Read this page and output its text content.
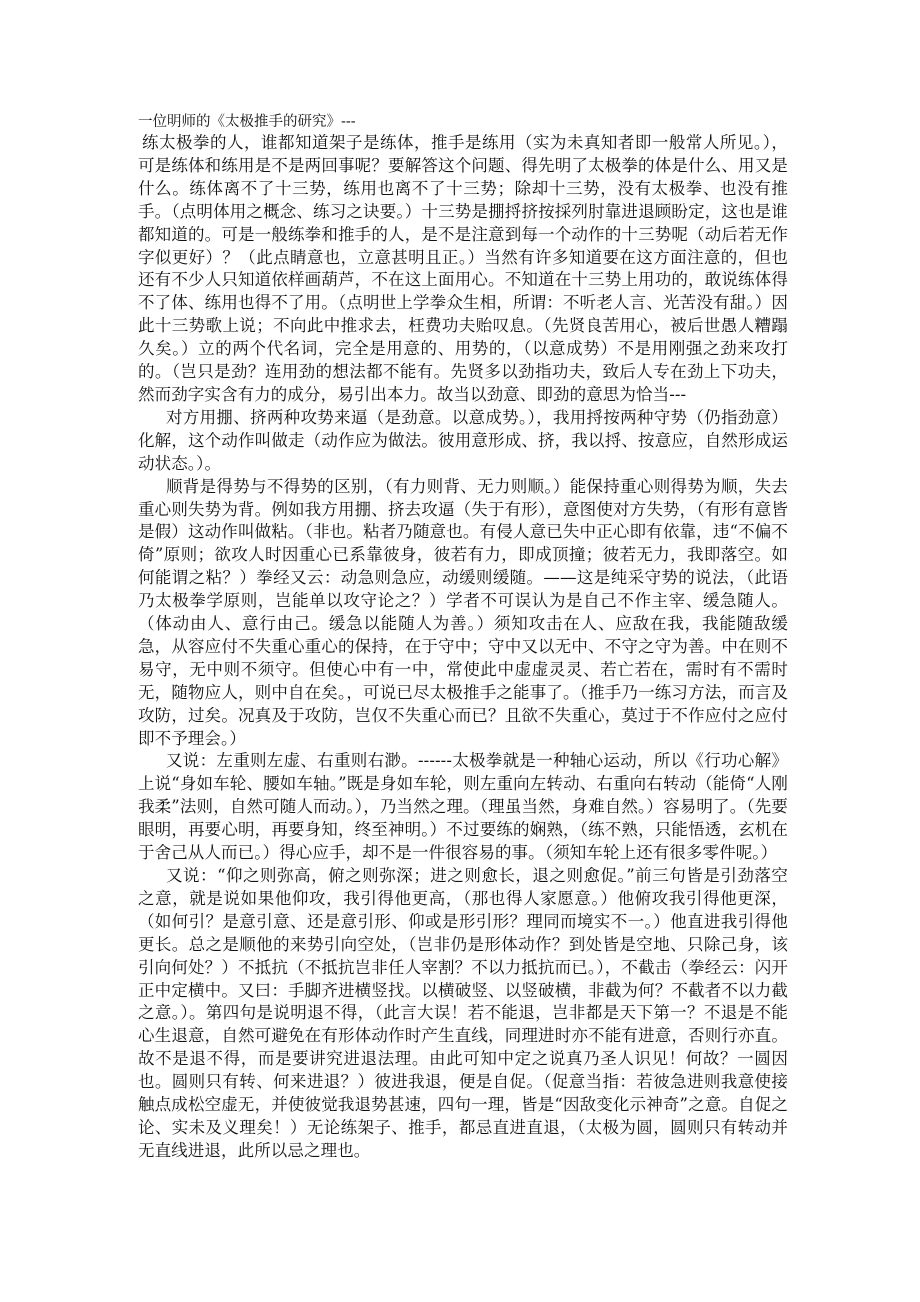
一位明师的《太极推手的研究》---

练太极拳的人，谁都知道架子是练体，推手是练用（实为未真知者即一般常人所见。），可是练体和练用是不是两回事呢？要解答这个问题、得先明了太极拳的体是什么、用又是什么。练体离不了十三势，练用也离不了十三势；除却十三势，没有太极拳、也没有推手。（点明体用之概念、练习之诀要。）十三势是掤捋挤按採列肘靠进退顾盼定，这也是谁都知道的。可是一般练拳和推手的人，是不是注意到每一个动作的十三势呢（动后若无作字似更好）？（此点睛意也，立意甚明且正。）当然有许多知道要在这方面注意的，但也还有不少人只知道依样画葫芦，不在这上面用心。不知道在十三势上用功的，敢说练体得不了体、练用也得不了用。（点明世上学拳众生相，所谓：不听老人言、光苦没有甜。）因此十三势歌上说；不向此中推求去，枉费功夫贻叹息。（先贤良苦用心，被后世愚人糟蹋久矣。）立的两个代名词，完全是用意的、用势的，（以意成势）不是用刚强之劲来攻打的。（岂只是劲？连用劲的想法都不能有。先贤多以劲指功夫，致后人专在劲上下功夫，然而劲字实含有力的成分，易引出本力。故当以劲意、即劲的意思为恰当---

对方用掤、挤两种攻势来逼（是劲意。以意成势。），我用捋按两种守势（仍指劲意）化解，这个动作叫做走（动作应为做法。彼用意形成、挤，我以捋、按意应，自然形成运动状态。）。

顺背是得势与不得势的区别，（有力则背、无力则顺。）能保持重心则得势为顺，失去重心则失势为背。例如我方用掤、挤去攻逼（失于有形），意图使对方失势，（有形有意皆是假）这动作叫做粘。（非也。粘者乃随意也。有侵人意已失中正心即有依靠，违“不偏不倚”原则；欲攻人时因重心已系靠彼身，彼若有力，即成顶撞；彼若无力，我即落空。如何能谓之粘？）拳经又云：动急则急应，动缓则缓随。——这是纯采守势的说法，（此语乃太极拳学原则，岂能单以攻守论之？）学者不可误认为是自己不作主宰、缓急随人。（体动由人、意行由己。缓急以能随人为善。）须知攻击在人、应敌在我，我能随敌缓急，从容应付不失重心重心的保持，在于守中；守中又以无中、不守之守为善。中在则不易守，无中则不须守。但使心中有一中，常使此中虚虚灵灵、若亡若在，需时有不需时无，随物应人，则中自在矣。，可说已尽太极推手之能事了。（推手乃一练习方法，而言及攻防，过矣。况真及于攻防，岂仅不失重心而已？且欲不失重心，莫过于不作应付之应付即不予理会。）

又说：左重则左虚、右重则右渺。------太极拳就是一种轴心运动，所以《行功心解》上说“身如车轮、腰如车轴。”既是身如车轮，则左重向左转动、右重向右转动（能倚“人刚我柔”法则，自然可随人而动。），乃当然之理。（理虽当然，身难自然。）容易明了。（先要眼明，再要心明，再要身知，终至神明。）不过要练的娴熟，（练不熟，只能悟透，玄机在于舍己从人而已。）得心应手，却不是一件很容易的事。（须知车轮上还有很多零件呢。）

又说：“仰之则弥高，俯之则弥深；进之则愈长，退之则愈促。”前三句皆是引劲落空之意，就是说如果他仰攻，我引得他更高，（那也得人家愿意。）他俯攻我引得他更深，（如何引？是意引意、还是意引形、仰或是形引形？理同而境实不一。）他直进我引得他更长。总之是顺他的来势引向空处，（岂非仍是形体动作？到处皆是空地、只除己身，该引向何处？）不抵抗（不抵抗岂非任人宰割？不以力抵抗而已。），不截击（拳经云：闪开正中定横中。又曰：手脚齐进横竖找。以横破竖、以竖破横，非截为何？不截者不以力截之意。）。第四句是说明退不得，（此言大误！若不能退，岂非都是天下第一？不退是不能心生退意，自然可避免在有形体动作时产生直线，同理进时亦不能有进意，否则行亦直。故不是退不得，而是要讲究进退法理。由此可知中定之说真乃圣人识见！何故？一圆因也。圆则只有转、何来进退？）彼进我退，便是自促。（促意当指：若彼急进则我意使接触点成松空虚无，并使彼觉我退势甚速，四句一理，皆是“因敌变化示神奇”之意。自促之论、实未及义理矣！）无论练架子、推手，都忌直进直退，（太极为圆，圆则只有转动并无直线进退，此所以忌之理也。
